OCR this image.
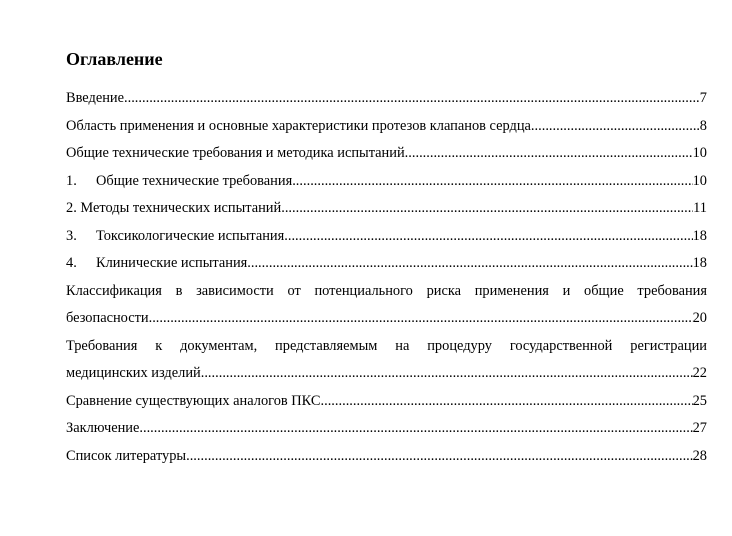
Оглавление
Введение .....	7
Область применения и основные характеристики протезов клапанов сердца .....	8
Общие технические требования и методика испытаний .....	10
1.	Общие технические требования .....	10
2. Методы технических испытаний. .....	11
3.	Токсикологические испытания. .....	18
4.	Клинические испытания .....	18
Классификация в зависимости от потенциального риска применения и общие требования
безопасности .....	20
Требования к документам, представляемым на процедуру государственной регистрации
медицинских изделий .....	22
Сравнение существующих аналогов ПКС .....	25
Заключение .....	27
Список литературы .....	28
